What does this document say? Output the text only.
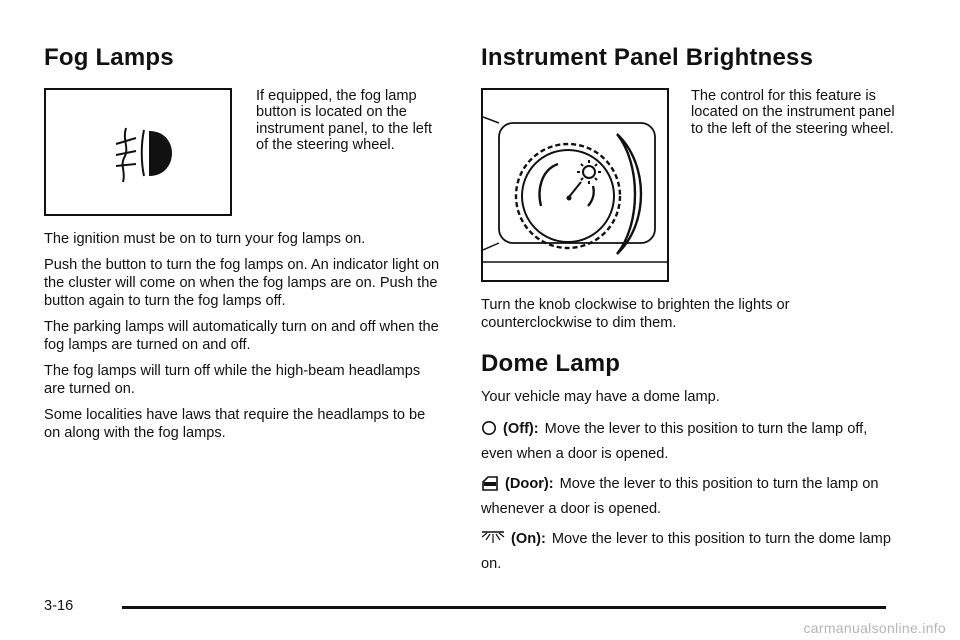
Fog Lamps
If equipped, the fog lamp button is located on the instrument panel, to the left of the steering wheel.

The ignition must be on to turn your fog lamps on.

Push the button to turn the fog lamps on. An indicator light on the cluster will come on when the fog lamps are on. Push the button again to turn the fog lamps off.

The parking lamps will automatically turn on and off when the fog lamps are turned on and off.

The fog lamps will turn off while the high-beam headlamps are turned on.

Some localities have laws that require the headlamps to be on along with the fog lamps.

Instrument Panel Brightness
The control for this feature is located on the instrument panel to the left of the steering wheel.

Turn the knob clockwise to brighten the lights or counterclockwise to dim them.

Dome Lamp

Your vehicle may have a dome lamp.

(Off): Move the lever to this position to turn the lamp off, even when a door is opened.
(Door): Move the lever to this position to turn the lamp on whenever a door is opened.
(On): Move the lever to this position to turn the dome lamp on.
3-16
carmanualsonline.info
